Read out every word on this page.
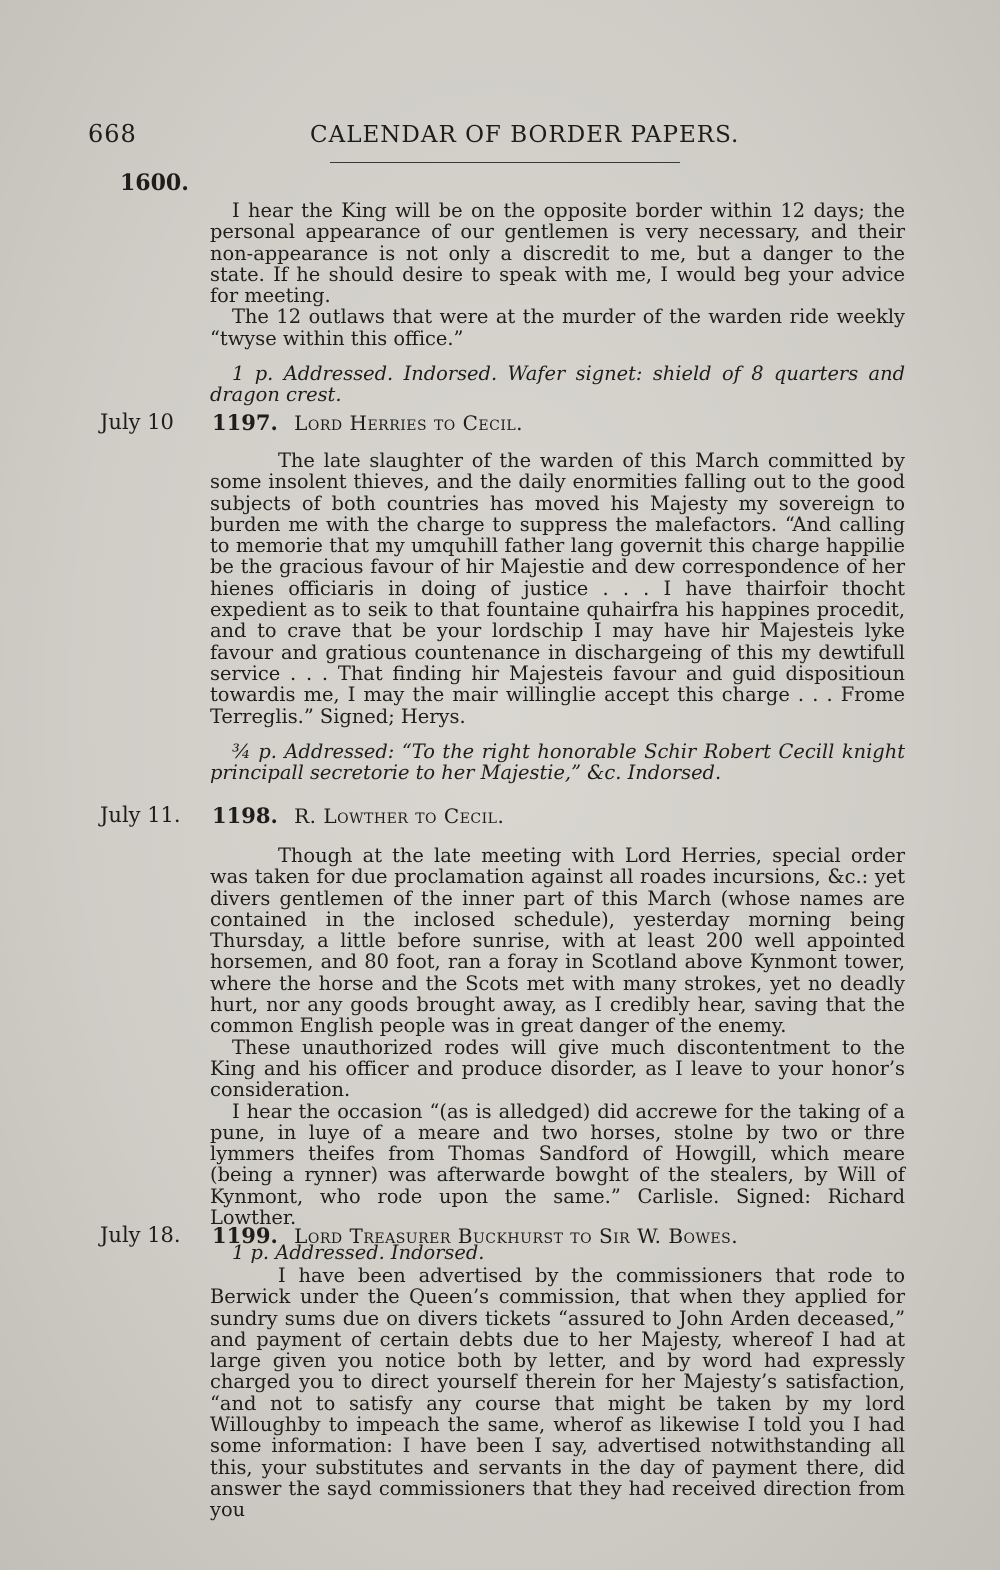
668	CALENDAR OF BORDER PAPERS.
1600.

I hear the King will be on the opposite border within 12 days; the personal appearance of our gentlemen is very necessary, and their non-appearance is not only a discredit to me, but a danger to the state. If he should desire to speak with me, I would beg your advice for meeting.

The 12 outlaws that were at the murder of the warden ride weekly “twyse within this office.”

1 p. Addressed. Indorsed. Wafer signet: shield of 8 quarters and dragon crest.

July 10 1197. Lord Herries to Cecil.

The late slaughter of the warden of this March committed by some insolent thieves, and the daily enormities falling out to the good subjects of both countries has moved his Majesty my sovereign to burden me with the charge to suppress the malefactors. “And calling to memorie that my umquhill father lang governit this charge happilie be the gracious favour of hir Majestie and dew correspondence of her hienes officiaris in doing of justice . . . I have thairfoir thocht expedient as to seik to that fountaine quhairfra his happines procedit, and to crave that be your lordschip I may have hir Majesteis lyke favour and gratious countenance in dischargeing of this my dewtifull service . . . That finding hir Majesteis favour and guid dispositioun towardis me, I may the mair willinglie accept this charge . . . Frome Terreglis.” Signed; Herys.

¾ p. Addressed: “To the right honorable Schir Robert Cecill knight principall secretorie to her Majestie,” &c. Indorsed.

July 11. 1198. R. Lowther to Cecil.

Though at the late meeting with Lord Herries, special order was taken for due proclamation against all roades incursions, &c.: yet divers gentlemen of the inner part of this March (whose names are contained in the inclosed schedule), yesterday morning being Thursday, a little before sunrise, with at least 200 well appointed horsemen, and 80 foot, ran a foray in Scotland above Kynmont tower, where the horse and the Scots met with many strokes, yet no deadly hurt, nor any goods brought away, as I credibly hear, saving that the common English people was in great danger of the enemy.

These unauthorized rodes will give much discontentment to the King and his officer and produce disorder, as I leave to your honor’s consideration.

I hear the occasion “(as is alledged) did accrewe for the taking of a pune, in luye of a meare and two horses, stolne by two or thre lymmers theifes from Thomas Sandford of Howgill, which meare (being a rynner) was afterwarde bowght of the stealers, by Will of Kynmont, who rode upon the same.” Carlisle. Signed: Richard Lowther.

1 p. Addressed. Indorsed.

July 18. 1199. Lord Treasurer Buckhurst to Sir W. Bowes.

I have been advertised by the commissioners that rode to Berwick under the Queen’s commission, that when they applied for sundry sums due on divers tickets “assured to John Arden deceased,” and payment of certain debts due to her Majesty, whereof I had at large given you notice both by letter, and by word had expressly charged you to direct yourself therein for her Majesty’s satisfaction, “and not to satisfy any course that might be taken by my lord Willoughby to impeach the same, wherof as likewise I told you I had some information: I have been I say, advertised notwithstanding all this, your substitutes and servants in the day of payment there, did answer the sayd commissioners that they had received direction from you
